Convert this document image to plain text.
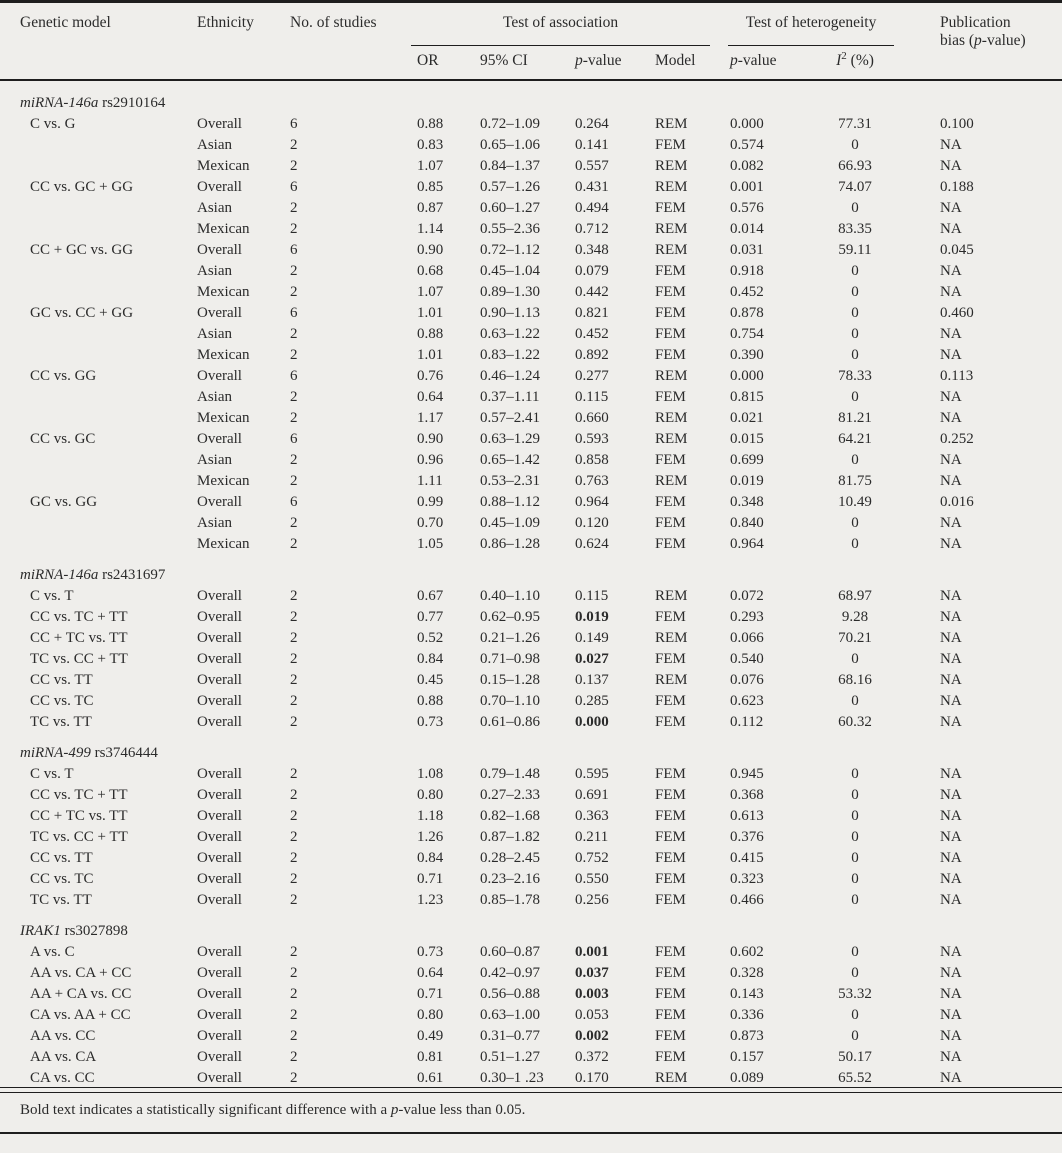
Genetic model	Ethnicity	No. of studies	Test of association				Test of heterogeneity		Publication
bias (p-value)
			OR	95% CI	p-value	Model	p-value	$I^2$ (%)	
miRNA-146a rs2910164									
C vs. G	Overall	6	0.88	0.72–1.09	0.264	REM	0.000	77.31	0.100
	Asian	2	0.83	0.65–1.06	0.141	FEM	0.574	0	NA
	Mexican	2	1.07	0.84–1.37	0.557	REM	0.082	66.93	NA
CC vs. GC + GG	Overall	6	0.85	0.57–1.26	0.431	REM	0.001	74.07	0.188
	Asian	2	0.87	0.60–1.27	0.494	FEM	0.576	0	NA
	Mexican	2	1.14	0.55–2.36	0.712	REM	0.014	83.35	NA
CC + GC vs. GG	Overall	6	0.90	0.72–1.12	0.348	REM	0.031	59.11	0.045
	Asian	2	0.68	0.45–1.04	0.079	FEM	0.918	0	NA
	Mexican	2	1.07	0.89–1.30	0.442	FEM	0.452	0	NA
GC vs. CC + GG	Overall	6	1.01	0.90–1.13	0.821	FEM	0.878	0	0.460
	Asian	2	0.88	0.63–1.22	0.452	FEM	0.754	0	NA
	Mexican	2	1.01	0.83–1.22	0.892	FEM	0.390	0	NA
CC vs. GG	Overall	6	0.76	0.46–1.24	0.277	REM	0.000	78.33	0.113
	Asian	2	0.64	0.37–1.11	0.115	FEM	0.815	0	NA
	Mexican	2	1.17	0.57–2.41	0.660	REM	0.021	81.21	NA
CC vs. GC	Overall	6	0.90	0.63–1.29	0.593	REM	0.015	64.21	0.252
	Asian	2	0.96	0.65–1.42	0.858	FEM	0.699	0	NA
	Mexican	2	1.11	0.53–2.31	0.763	REM	0.019	81.75	NA
GC vs. GG	Overall	6	0.99	0.88–1.12	0.964	FEM	0.348	10.49	0.016
	Asian	2	0.70	0.45–1.09	0.120	FEM	0.840	0	NA
	Mexican	2	1.05	0.86–1.28	0.624	FEM	0.964	0	NA
miRNA-146a rs2431697									
C vs. T	Overall	2	0.67	0.40–1.10	0.115	REM	0.072	68.97	NA
CC vs. TC + TT	Overall	2	0.77	0.62–0.95	0.019	FEM	0.293	9.28	NA
CC + TC vs. TT	Overall	2	0.52	0.21–1.26	0.149	REM	0.066	70.21	NA
TC vs. CC + TT	Overall	2	0.84	0.71–0.98	0.027	FEM	0.540	0	NA
CC vs. TT	Overall	2	0.45	0.15–1.28	0.137	REM	0.076	68.16	NA
CC vs. TC	Overall	2	0.88	0.70–1.10	0.285	FEM	0.623	0	NA
TC vs. TT	Overall	2	0.73	0.61–0.86	0.000	FEM	0.112	60.32	NA
miRNA-499 rs3746444									
C vs. T	Overall	2	1.08	0.79–1.48	0.595	FEM	0.945	0	NA
CC vs. TC + TT	Overall	2	0.80	0.27–2.33	0.691	FEM	0.368	0	NA
CC + TC vs. TT	Overall	2	1.18	0.82–1.68	0.363	FEM	0.613	0	NA
TC vs. CC + TT	Overall	2	1.26	0.87–1.82	0.211	FEM	0.376	0	NA
CC vs. TT	Overall	2	0.84	0.28–2.45	0.752	FEM	0.415	0	NA
CC vs. TC	Overall	2	0.71	0.23–2.16	0.550	FEM	0.323	0	NA
TC vs. TT	Overall	2	1.23	0.85–1.78	0.256	FEM	0.466	0	NA
IRAK1 rs3027898									
A vs. C	Overall	2	0.73	0.60–0.87	0.001	FEM	0.602	0	NA
AA vs. CA + CC	Overall	2	0.64	0.42–0.97	0.037	FEM	0.328	0	NA
AA + CA vs. CC	Overall	2	0.71	0.56–0.88	0.003	FEM	0.143	53.32	NA
CA vs. AA + CC	Overall	2	0.80	0.63–1.00	0.053	FEM	0.336	0	NA
AA vs. CC	Overall	2	0.49	0.31–0.77	0.002	FEM	0.873	0	NA
AA vs. CA	Overall	2	0.81	0.51–1.27	0.372	FEM	0.157	50.17	NA
CA vs. CC	Overall	2	0.61	0.30–1 .23	0.170	REM	0.089	65.52	NA
Bold text indicates a statistically significant difference with a p-value less than 0.05.
